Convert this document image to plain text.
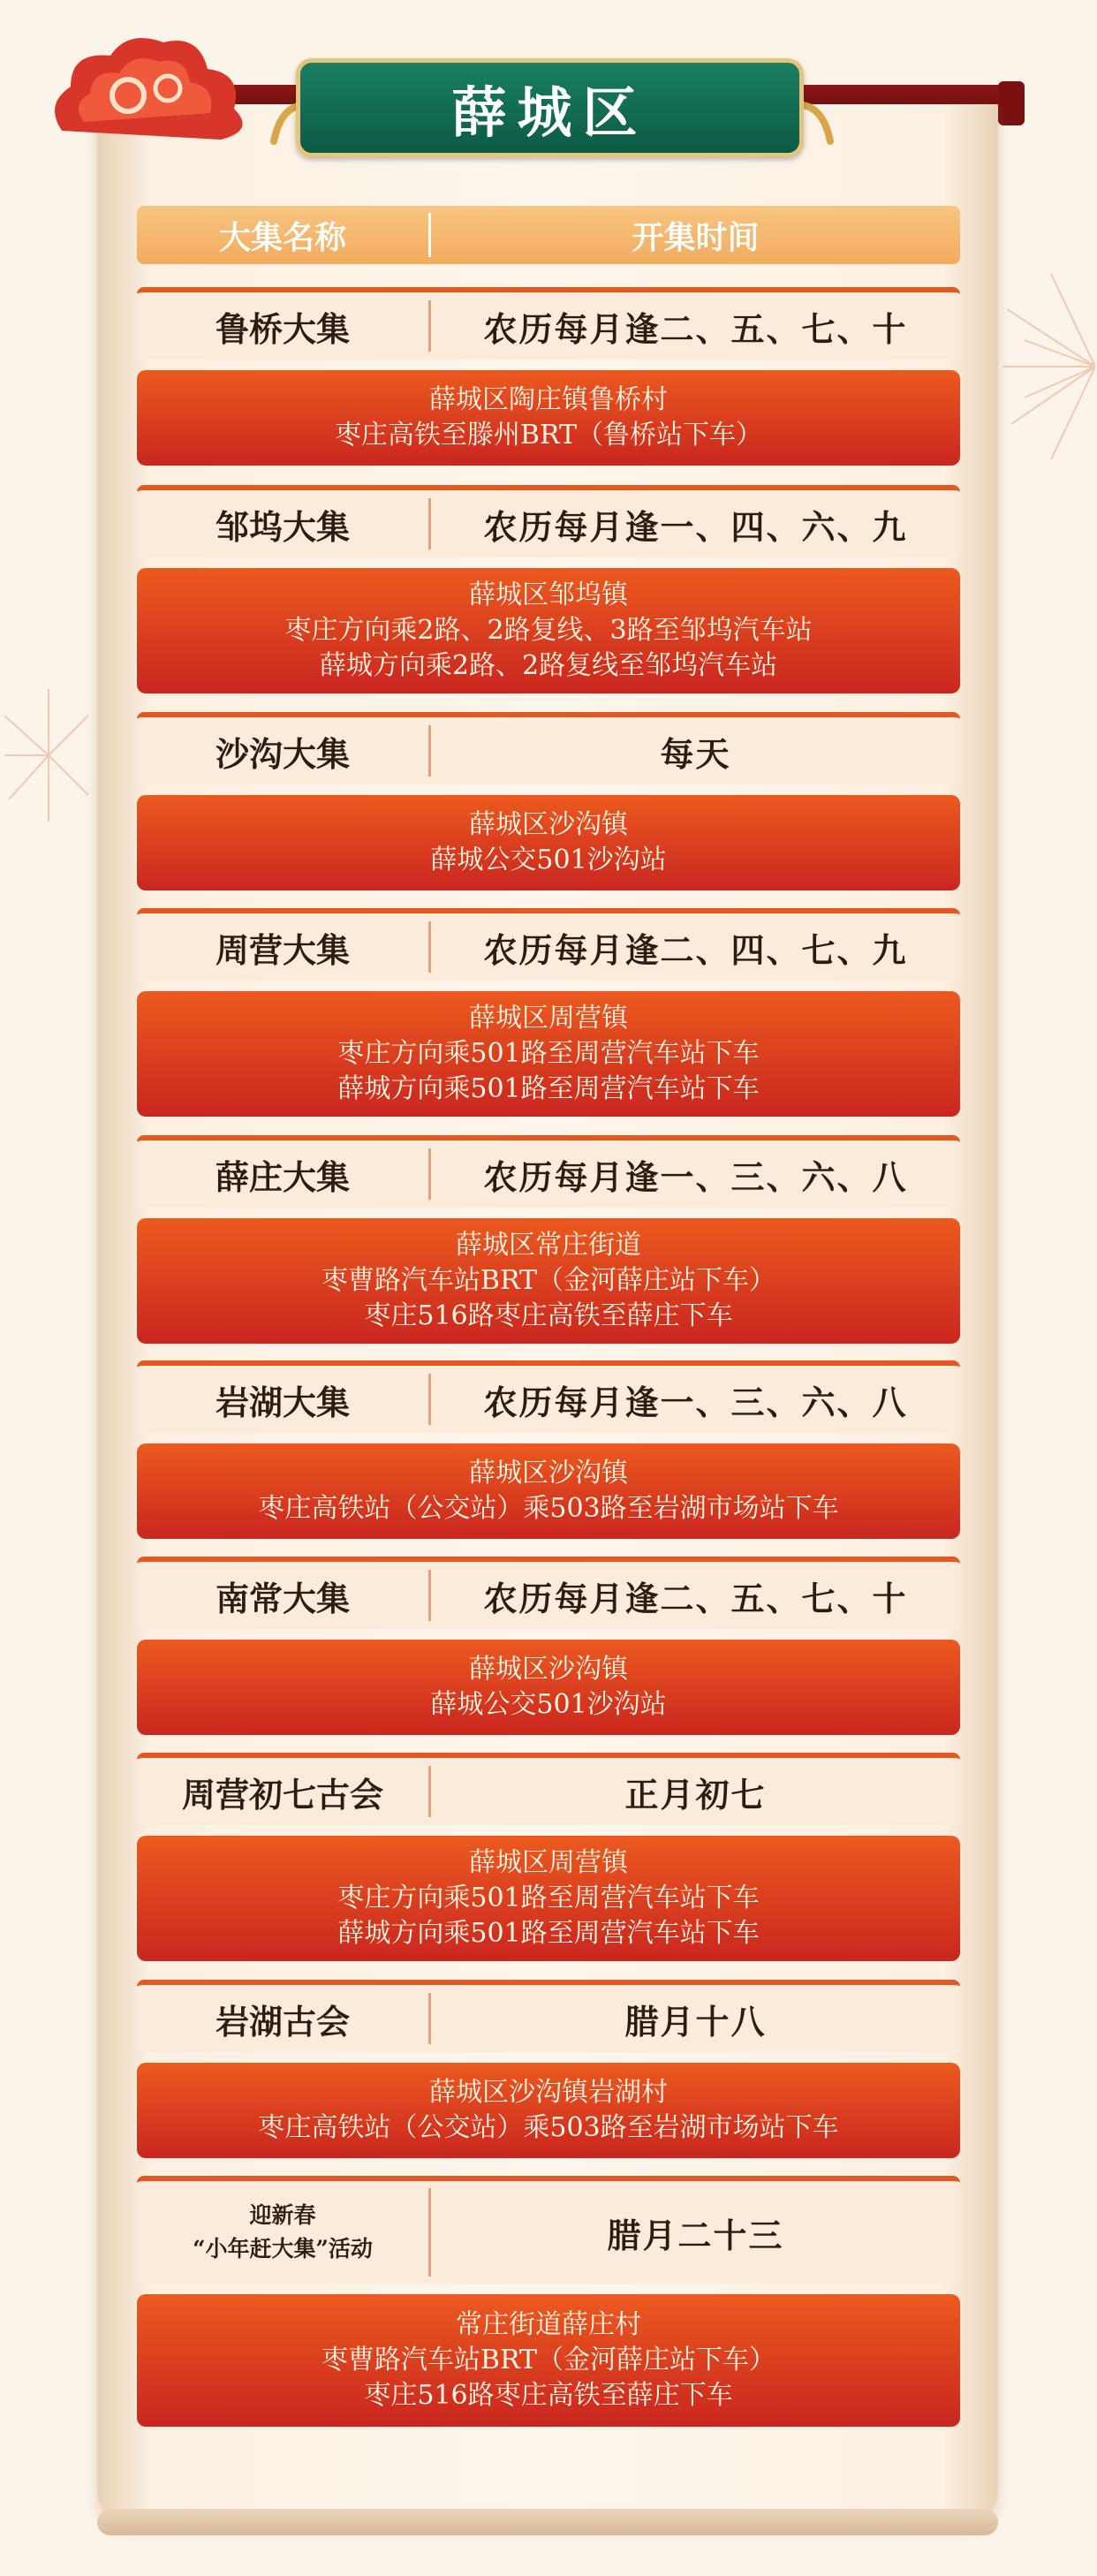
薛城区
大集名称	开集时间
鲁桥大集	农历每月逢二、五、七、十
薛城区陶庄镇鲁桥村
枣庄高铁至滕州BRT（鲁桥站下车）
邹坞大集	农历每月逢一、四、六、九
薛城区邹坞镇
枣庄方向乘2路、2路复线、3路至邹坞汽车站
薛城方向乘2路、2路复线至邹坞汽车站
沙沟大集	每天
薛城区沙沟镇
薛城公交501沙沟站
周营大集	农历每月逢二、四、七、九
薛城区周营镇
枣庄方向乘501路至周营汽车站下车
薛城方向乘501路至周营汽车站下车
薛庄大集	农历每月逢一、三、六、八
薛城区常庄街道
枣曹路汽车站BRT（金河薛庄站下车）
枣庄516路枣庄高铁至薛庄下车
岩湖大集	农历每月逢一、三、六、八
薛城区沙沟镇
枣庄高铁站（公交站）乘503路至岩湖市场站下车
南常大集	农历每月逢二、五、七、十
薛城区沙沟镇
薛城公交501沙沟站
周营初七古会	正月初七
薛城区周营镇
枣庄方向乘501路至周营汽车站下车
薛城方向乘501路至周营汽车站下车
岩湖古会	腊月十八
薛城区沙沟镇岩湖村
枣庄高铁站（公交站）乘503路至岩湖市场站下车
迎新春
“小年赶大集”活动	腊月二十三
常庄街道薛庄村
枣曹路汽车站BRT（金河薛庄站下车）
枣庄516路枣庄高铁至薛庄下车
